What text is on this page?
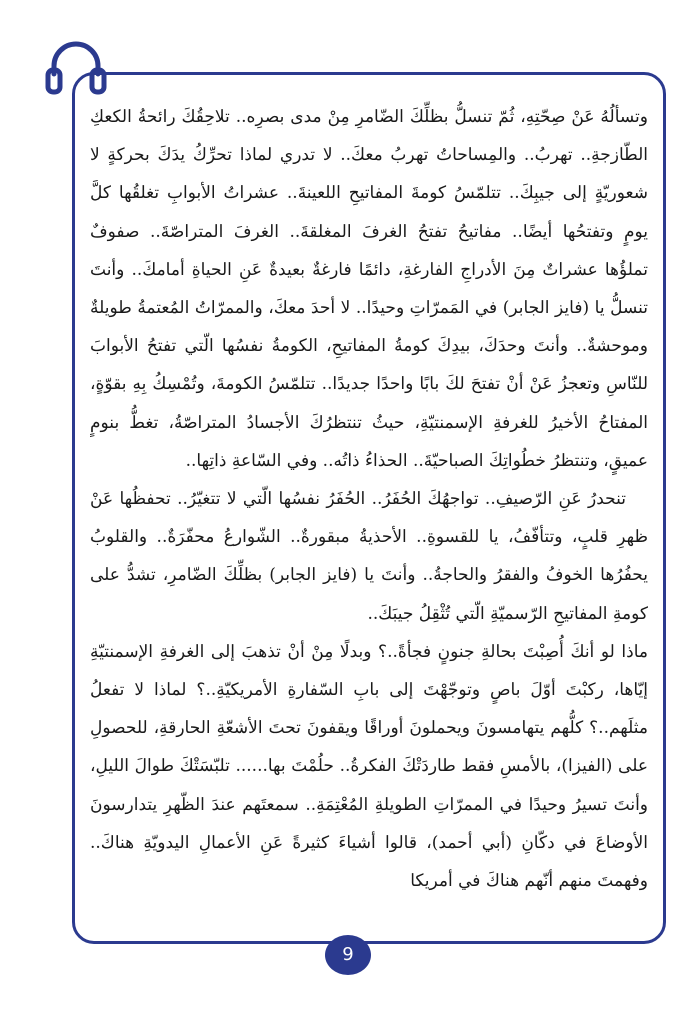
وتسألُهُ عَنْ صِحّتِهِ، ثُمّ تنسلُّ بظلِّكَ الضّامرِ مِنْ مدى بصرِه.. تلاحِقُكَ رائحةُ الكعكِ الطّازجةِ.. تهربُ.. والمِساحاتُ تهربُ معكَ.. لا تدري لماذا تحرِّكُ يدَكَ بحركةٍ لا شعوريّةٍ إلى جيبِكَ.. تتلمّسُ كومةَ المفاتيحِ اللعينةَ.. عشراتُ الأبوابِ تغلقُها كلَّ يومٍ وتفتحُها أيضًا.. مفاتيحُ تفتحُ الغرفَ المغلقةَ.. الغرفَ المتراصّةَ.. صفوفٌ تملؤُها عشراتٌ مِنَ الأدراجِ الفارغةِ، دائمًا فارغةٌ بعيدةٌ عَنِ الحياةِ أمامكَ.. وأنتَ تنسلُّ يا (فايز الجابر) في المَمرّاتِ وحيدًا.. لا أحدَ معكَ، والممرّاتُ المُعتمةُ طويلةٌ وموحشةٌ.. وأنتَ وحدَكَ، بيدِكَ كومةُ المفاتيحِ، الكومةُ نفسُها الّتي تفتحُ الأبوابَ للنّاسِ وتعجزُ عَنْ أنْ تفتحَ لكَ بابًا واحدًا جديدًا.. تتلمّسُ الكومةَ، وتُمْسِكُ بِهِ بقوّةٍ، المفتاحُ الأخيرُ للغرفةِ الإسمنتيّةِ، حيثُ تنتظرُكَ الأجسادُ المتراصّةُ، تغطُّ بنومٍ عميقٍ، وتنتظرُ خطُواتِكَ الصباحيّةَ.. الحذاءُ ذاتُه.. وفي السّاعةِ ذاتِها..

تنحدرُ عَنِ الرّصيفِ.. تواجهُكَ الحُفَرُ.. الحُفَرُ نفسُها الّتي لا تتغيّرُ.. تحفظُها عَنْ ظهرِ قلبٍ، وتتأفّفُ، يا للقسوةِ.. الأحذيةُ مبقورةٌ.. الشّوارعُ محفّرَةٌ.. والقلوبُ يحفُرُها الخوفُ والفقرُ والحاجةُ.. وأنتَ يا (فايز الجابر) بظلِّكَ الضّامرِ، تشدُّ على كومةِ المفاتيحِ الرّسميّةِ الّتي تُثْقِلُ جيبَكَ..

ماذا لو أنكَ أُصِبْتَ بحالةِ جنونٍ فجأةً..؟ وبدلًا مِنْ أنْ تذهبَ إلى الغرفةِ الإسمنتيّةِ إيّاها، ركبْتَ أوّلَ باصٍ وتوجّهْتَ إلى بابِ السّفارةِ الأمريكيّةِ..؟ لماذا لا تفعلُ مثلَهم..؟ كلُّهم يتهامسونَ ويحملونَ أوراقًا ويقفونَ تحتَ الأشعّةِ الحارقةِ، للحصولِ على (الفيزا)، بالأمسِ فقط طاردَتْكَ الفكرةُ.. حلُمْتَ بها...... تلبّسَتْكَ طوالَ الليلِ، وأنتَ تسيرُ وحيدًا في الممرّاتِ الطويلةِ المُعْتِمَةِ.. سمعتَهم عندَ الظّهرِ يتدارسونَ الأوضاعَ في دكّانِ (أبي أحمد)، قالوا أشياءَ كثيرةً عَنِ الأعمالِ اليدويّةِ هناكَ.. وفهمتَ منهم أنّهم هناكَ في أمريكا

9
